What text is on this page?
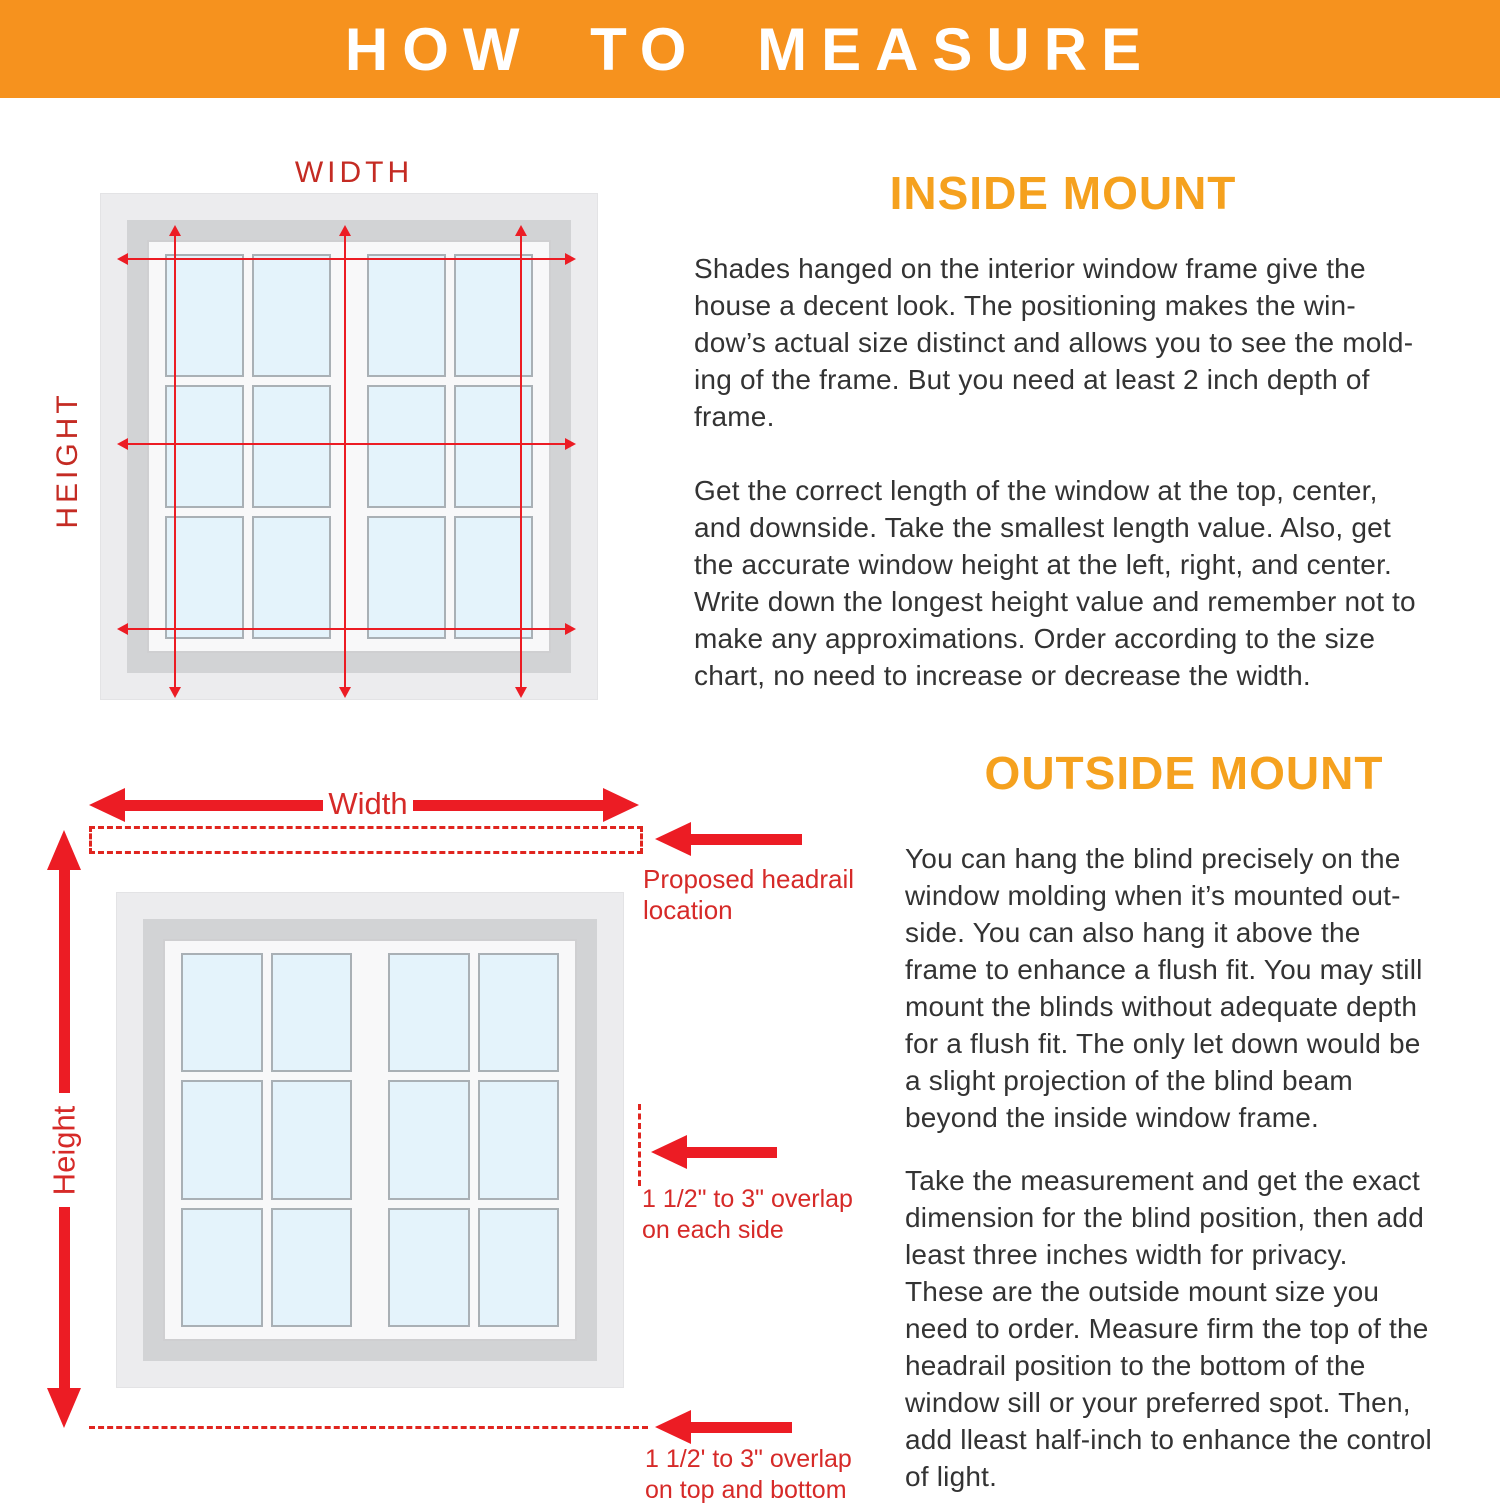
HOW TO MEASURE
WIDTH
HEIGHT
INSIDE MOUNT
Shades hanged on the interior window frame give the
house a decent look. The positioning makes the win-
dow’s actual size distinct and allows you to see the mold-
ing of the frame. But you need at least 2 inch depth of
frame.
Get the correct length of the window at the top, center,
and downside. Take the smallest length value. Also, get
the accurate window height at the left, right, and center.
Write down the longest height value and remember not to
make any approximations. Order according to the size
chart, no need to increase or decrease the width.
OUTSIDE MOUNT
You can hang the blind precisely on the
window molding when it’s mounted out-
side. You can also hang it above the
frame to enhance a flush fit. You may still
mount the blinds without adequate depth
for a flush fit. The only let down would be
a slight projection of the blind beam
beyond the inside window frame.
Take the measurement and get the exact
dimension for the blind position, then add
least three inches width for privacy.
These are the outside mount size you
need to order. Measure firm the top of the
headrail position to the bottom of the
window sill or your preferred spot. Then,
add lleast half-inch to enhance the control
of light.
Width
Proposed headrail
location
Height
1 1/2" to 3" overlap
on each side
1 1/2' to 3" overlap
on top and bottom
